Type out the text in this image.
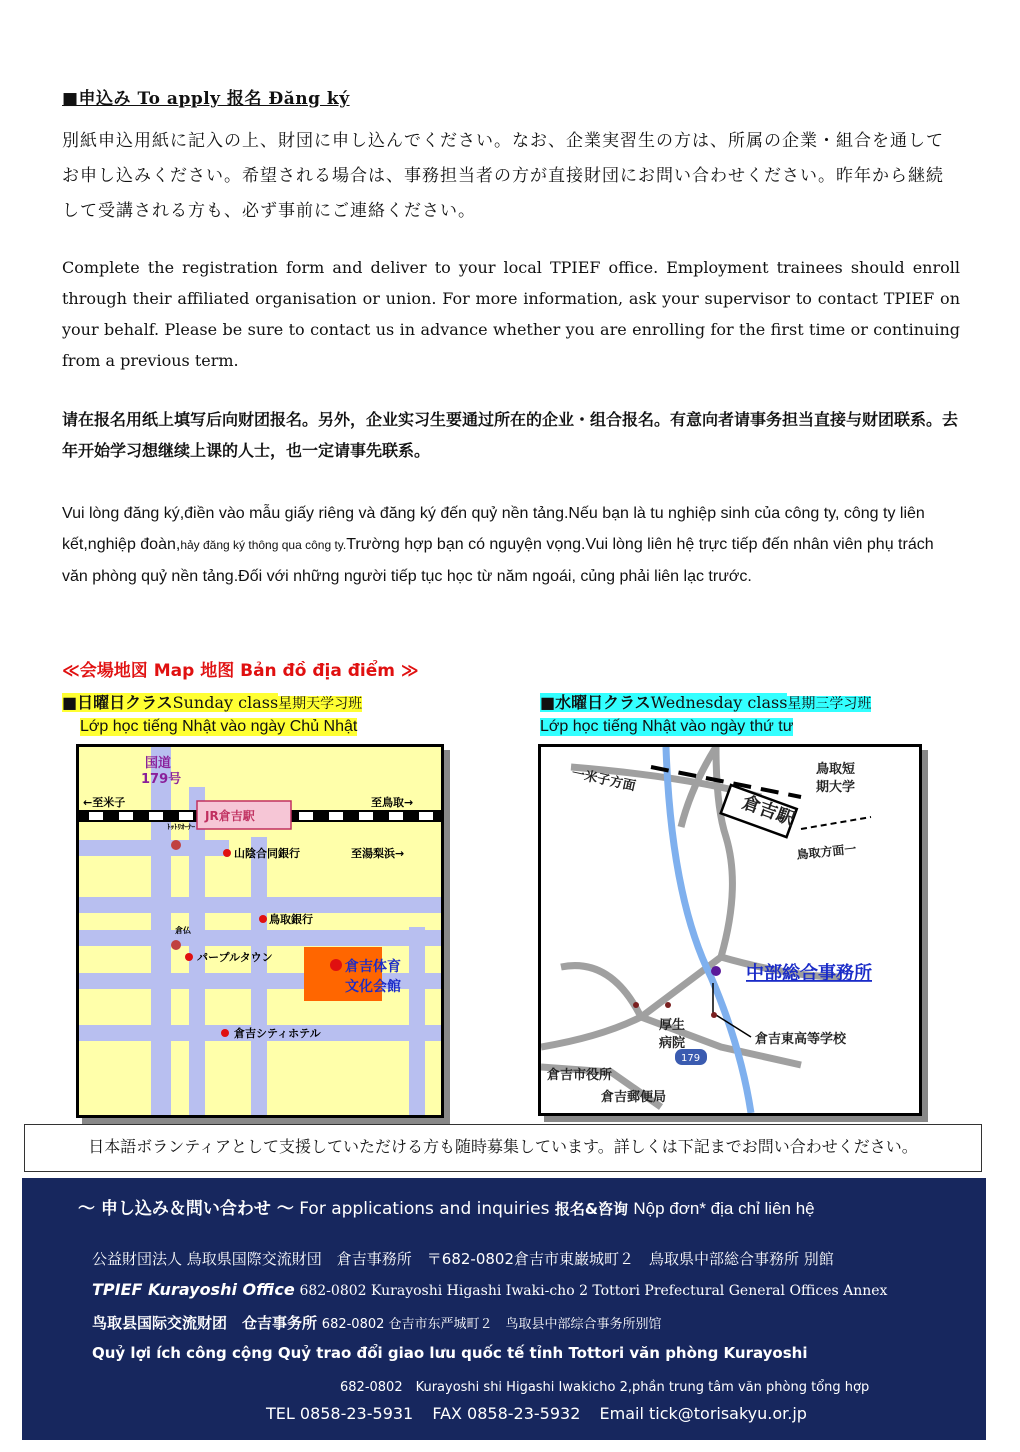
■申込み To apply 报名 Đăng ký
別紙申込用紙に記入の上、財団に申し込んでください。なお、企業実習生の方は、所属の企業・組合を通してお申し込みください。希望される場合は、事務担当者の方が直接財団にお問い合わせください。昨年から継続して受講される方も、必ず事前にご連絡ください。
Complete the registration form and deliver to your local TPIEF office. Employment trainees should enroll through their affiliated organisation or union. For more information, ask your supervisor to contact TPIEF on your behalf. Please be sure to contact us in advance whether you are enrolling for the first time or continuing from a previous term.
请在报名用纸上填写后向财团报名。另外，企业实习生要通过所在的企业・组合报名。有意向者请事务担当直接与财团联系。去年开始学习想继续上课的人士，也一定请事先联系。
Vui lòng đăng ký,điền vào mẫu giấy riêng và đăng ký đến quỷ nền tảng.Nếu bạn là tu nghiệp sinh của công ty, công ty liên kết,nghiệp đoàn,hảy đăng ký thông qua công ty.Trường hợp bạn có nguyện vọng.Vui lòng liên hệ trực tiếp đến nhân viên phụ trách văn phòng quỷ nền tảng.Đối với những người tiếp tục học từ năm ngoái, củng phải liên lạc trước.
≪会場地図 Map 地图 Bản đồ địa điểm ≫
■日曜日クラスSunday class星期天学习班
Lớp học tiếng Nhật vào ngày Chủ Nhật
■水曜日クラスWednesday class星期三学习班
Lớp học tiếng Nhật vào ngày thứ tư
国道
179号
←至米子	至鳥取→
JR倉吉駅
ﾄｯﾄﾘｵｰﾅｰ
山陰合同銀行	至湯梨浜→
鳥取銀行
倉仏
パープルタウン
倉吉体育
文化会館
倉吉シティホテル
179
一米子方面
倉吉駅
鳥取短
期大学
鳥取方面一
中部総合事務所
厚生
病院	倉吉東高等学校
倉吉市役所
倉吉郵便局
日本語ボランティアとして支援していただける方も随時募集しています。詳しくは下記までお問い合わせください。
～ 申し込み＆問い合わせ ～ For applications and inquiries 报名&咨询 Nộp đơn* địa chỉ liên hệ
公益財団法人 鳥取県国際交流財団　倉吉事務所　〒682-0802倉吉市東巌城町２　鳥取県中部総合事務所 別館
TPIEF Kurayoshi Office 682-0802 Kurayoshi Higashi Iwaki-cho 2 Tottori Prefectural General Offices Annex
鸟取县国际交流财团　仓吉事务所 682-0802 仓吉市东严城町２　鸟取县中部综合事务所别馆
Quỷ lợi ích công cộng Quỷ trao đổi giao lưu quốc tế tỉnh Tottori văn phòng Kurayoshi
682-0802　Kurayoshi shi Higashi Iwakicho 2,phần trung tâm văn phòng tổng hợp
TEL 0858-23-5931 FAX 0858-23-5932 Email tick@torisakyu.or.jp
